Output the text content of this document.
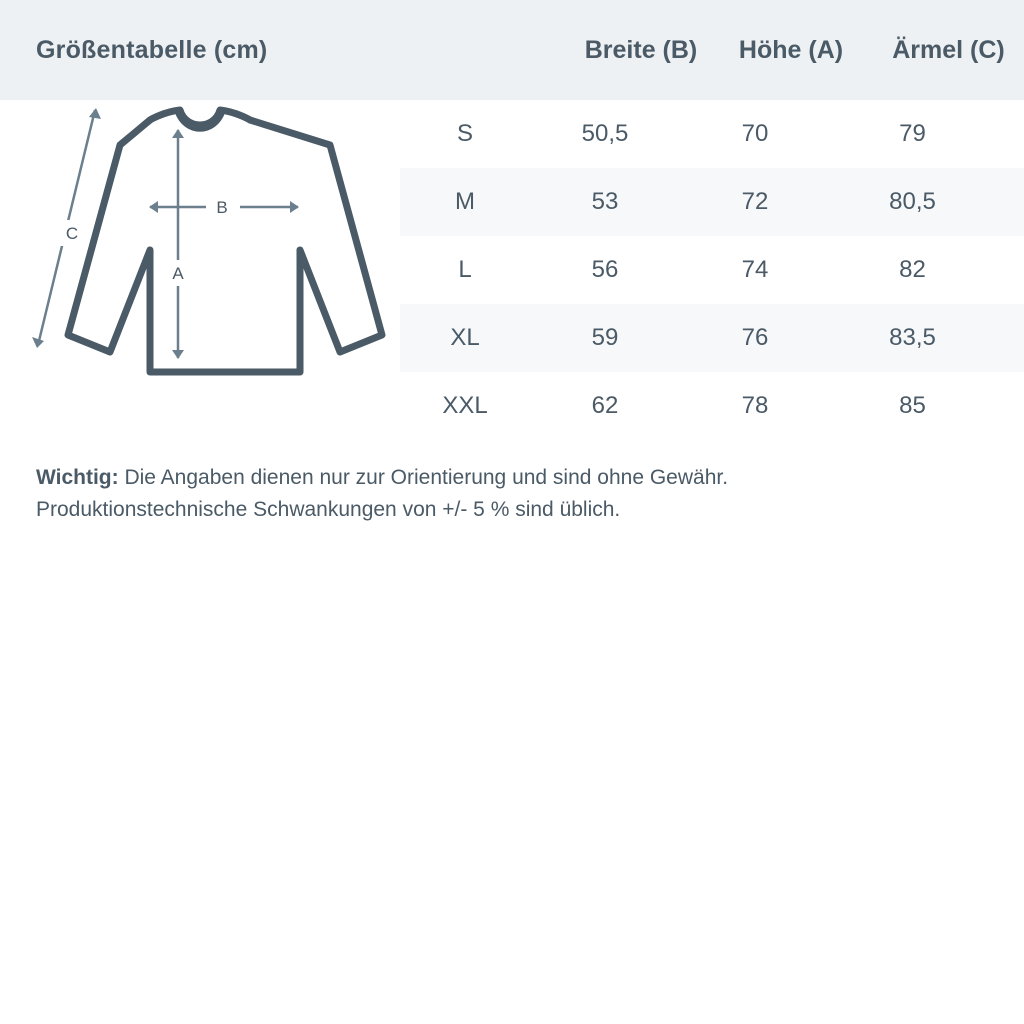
Größentabelle (cm)	Breite (B)	Höhe (A)	Ärmel (C)
B
A
C
S	50,5	70	79
M	53	72	80,5
L	56	74	82
XL	59	76	83,5
XXL	62	78	85
Wichtig: Die Angaben dienen nur zur Orientierung und sind ohne Gewähr.
Produktionstechnische Schwankungen von +/- 5 % sind üblich.
